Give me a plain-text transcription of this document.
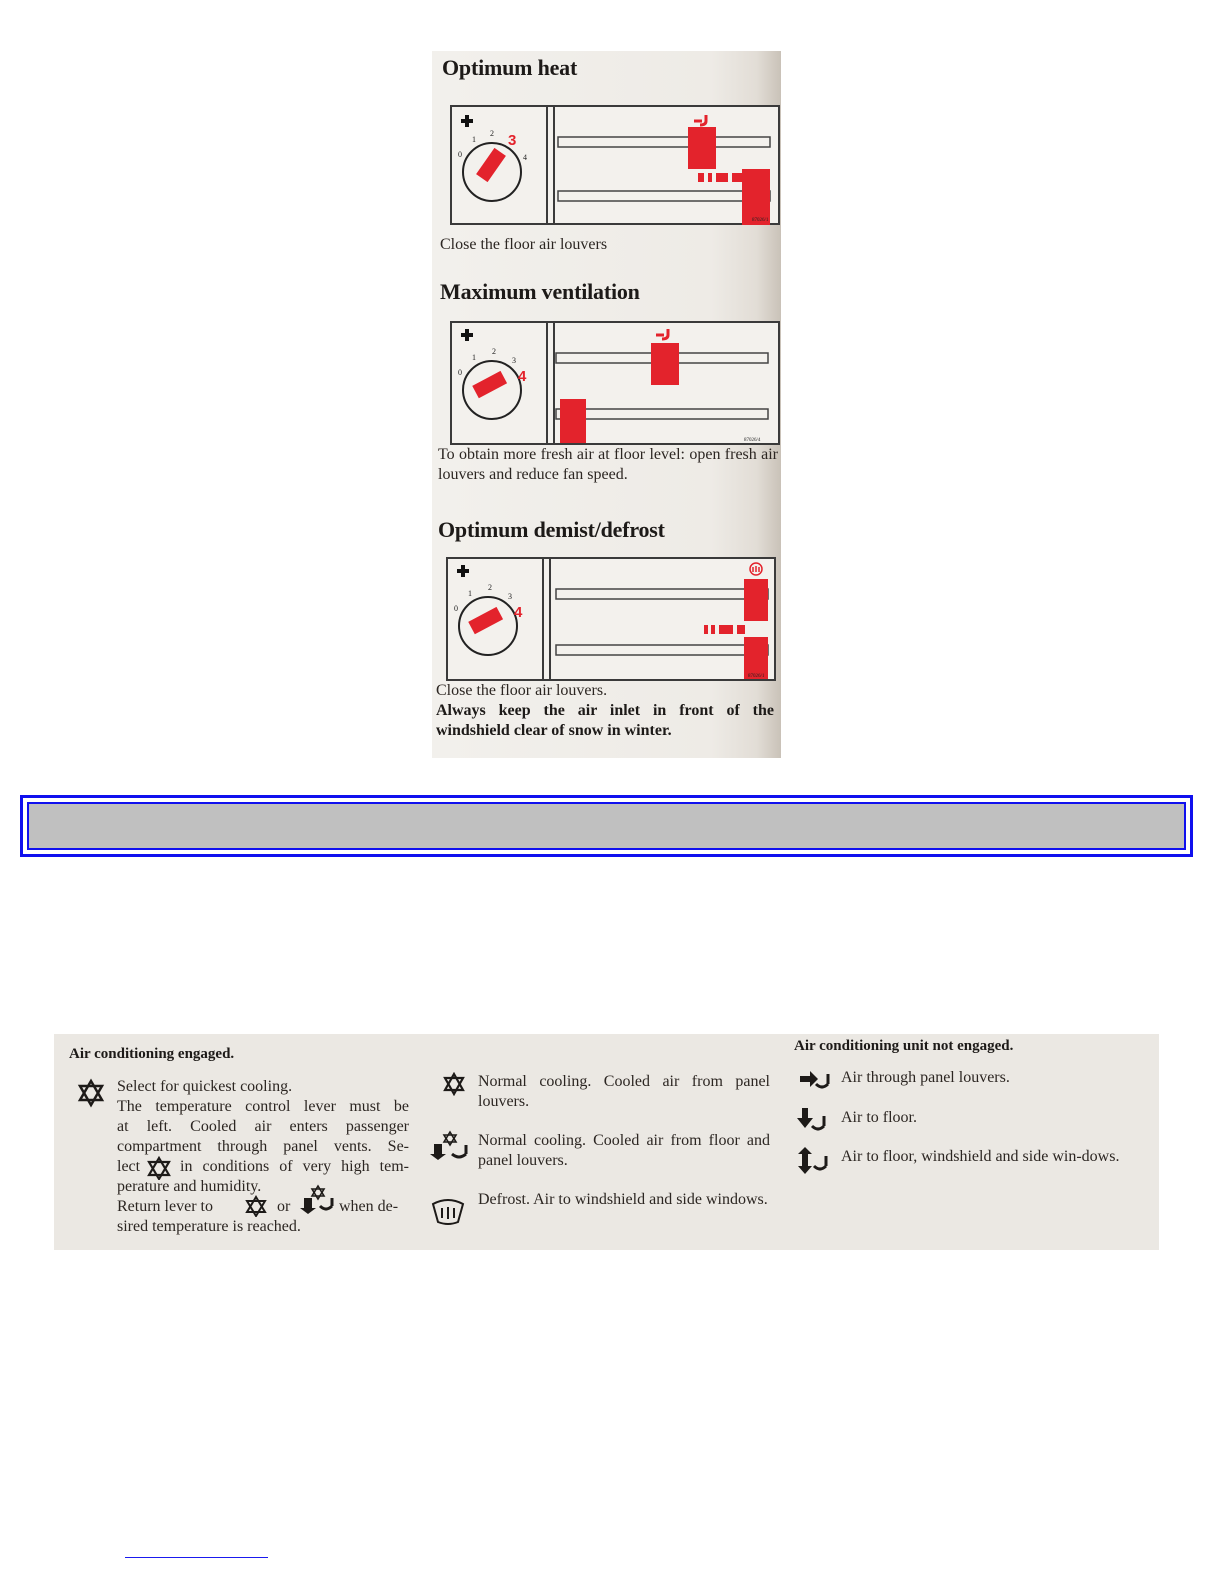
Optimum heat
0
1
2
4
3
87026/1
Close the floor air louvers
Maximum ventilation
0
1
2
3
4
87026/4
To obtain more fresh air at floor level: open fresh air louvers and reduce fan speed.
Optimum demist/defrost
0
1
2
3
4
87026/1
Close the floor air louvers.
Always keep the air inlet in front of the windshield clear of snow in winter.
Air conditioning engaged.
Select for quickest cooling.
The temperature control lever must be
at left. Cooled air enters passenger
compartment through panel vents. Se-
lect in conditions of very high tem-
perature and humidity.
Return lever to	or	when de-
sired temperature is reached.
Normal cooling. Cooled air from panel louvers.
Normal cooling. Cooled air from floor and panel louvers.
Defrost. Air to windshield and side windows.
Air conditioning unit not engaged.
Air through panel louvers.
Air to floor.
Air to floor, windshield and side win-dows.
